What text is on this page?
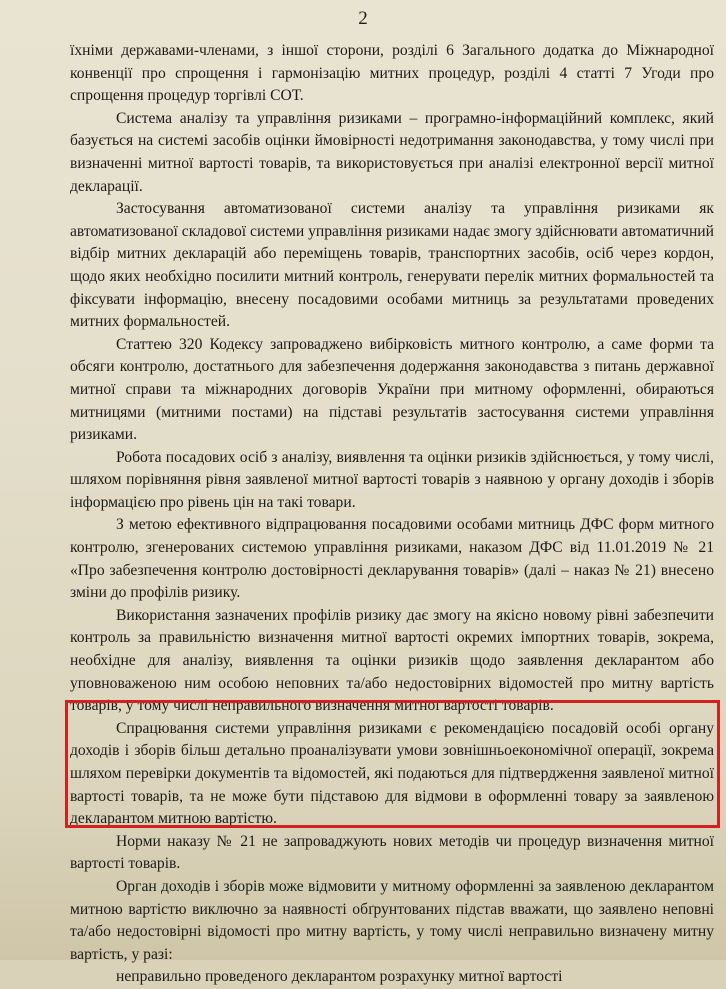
2

їхніми державами-членами, з іншої сторони, розділі 6 Загального додатка до Міжнародної конвенції про спрощення і гармонізацію митних процедур, розділі 4 статті 7 Угоди про спрощення процедур торгівлі СОТ.

Система аналізу та управління ризиками – програмно-інформаційний комплекс, який базується на системі засобів оцінки ймовірності недотримання законодавства, у тому числі при визначенні митної вартості товарів, та використовується при аналізі електронної версії митної декларації.

Застосування автоматизованої системи аналізу та управління ризиками як автоматизованої складової системи управління ризиками надає змогу здійснювати автоматичний відбір митних декларацій або переміщень товарів, транспортних засобів, осіб через кордон, щодо яких необхідно посилити митний контроль, генерувати перелік митних формальностей та фіксувати інформацію, внесену посадовими особами митниць за результатами проведених митних формальностей.

Статтею 320 Кодексу запроваджено вибірковість митного контролю, а саме форми та обсяги контролю, достатнього для забезпечення додержання законодавства з питань державної митної справи та міжнародних договорів України при митному оформленні, обираються митницями (митними постами) на підставі результатів застосування системи управління ризиками.

Робота посадових осіб з аналізу, виявлення та оцінки ризиків здійснюється, у тому числі, шляхом порівняння рівня заявленої митної вартості товарів з наявною у органу доходів і зборів інформацією про рівень цін на такі товари.

З метою ефективного відпрацювання посадовими особами митниць ДФС форм митного контролю, згенерованих системою управління ризиками, наказом ДФС від 11.01.2019 № 21 «Про забезпечення контролю достовірності декларування товарів» (далі – наказ № 21) внесено зміни до профілів ризику.

Використання зазначених профілів ризику дає змогу на якісно новому рівні забезпечити контроль за правильністю визначення митної вартості окремих імпортних товарів, зокрема, необхідне для аналізу, виявлення та оцінки ризиків щодо заявлення декларантом або уповноваженою ним особою неповних та/або недостовірних відомостей про митну вартість товарів, у тому числі неправильного визначення митної вартості товарів.

Спрацювання системи управління ризиками є рекомендацією посадовій особі органу доходів і зборів більш детально проаналізувати умови зовнішньоекономічної операції, зокрема шляхом перевірки документів та відомостей, які подаються для підтвердження заявленої митної вартості товарів, та не може бути підставою для відмови в оформленні товару за заявленою декларантом митною вартістю.

Норми наказу № 21 не запроваджують нових методів чи процедур визначення митної вартості товарів.

Орган доходів і зборів може відмовити у митному оформленні за заявленою декларантом митною вартістю виключно за наявності обґрунтованих підстав вважати, що заявлено неповні та/або недостовірні відомості про митну вартість, у тому числі неправильно визначену митну вартість, у разі:

неправильно проведеного декларантом розрахунку митної вартості
